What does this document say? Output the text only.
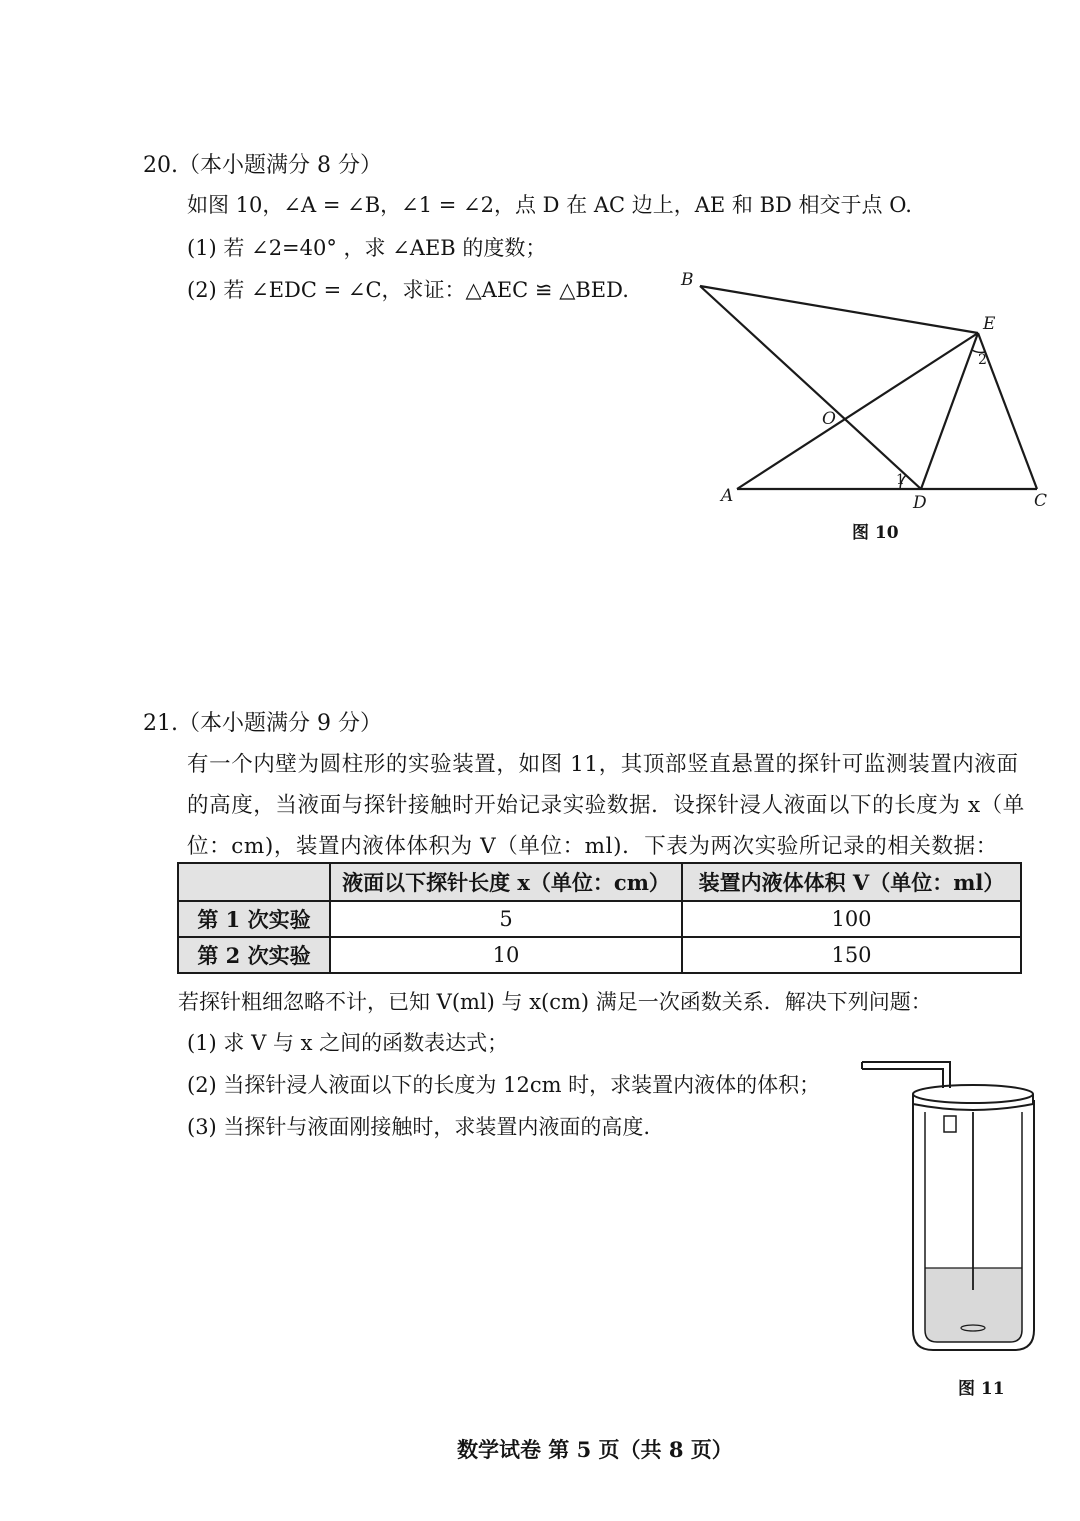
20.（本小题满分 8 分）
如图 10，∠A = ∠B，∠1 = ∠2，点 D 在 AC 边上，AE 和 BD 相交于点 O.
(1) 若 ∠2=40° ，求 ∠AEB 的度数；
(2) 若 ∠EDC = ∠C，求证：△AEC ≌ △BED.	B
E
O
A	D	C
1
2
图 10
21.（本小题满分 9 分）
有一个内壁为圆柱形的实验装置，如图 11，其顶部竖直悬置的探针可监测装置内液面
的高度，当液面与探针接触时开始记录实验数据．设探针浸人液面以下的长度为 x（单
位：cm)，装置内液体体积为 V（单位：ml)．下表为两次实验所记录的相关数据：
	液面以下探针长度 x（单位：cm）	装置内液体体积 V（单位：ml）
第 1 次实验	5	100
第 2 次实验	10	150
若探针粗细忽略不计，已知 V(ml) 与 x(cm) 满足一次函数关系．解决下列问题：
(1) 求 V 与 x 之间的函数表达式；
(2) 当探针浸人液面以下的长度为 12cm 时，求装置内液体的体积；
(3) 当探针与液面刚接触时，求装置内液面的高度.
图 11
数学试卷 第 5 页（共 8 页）
